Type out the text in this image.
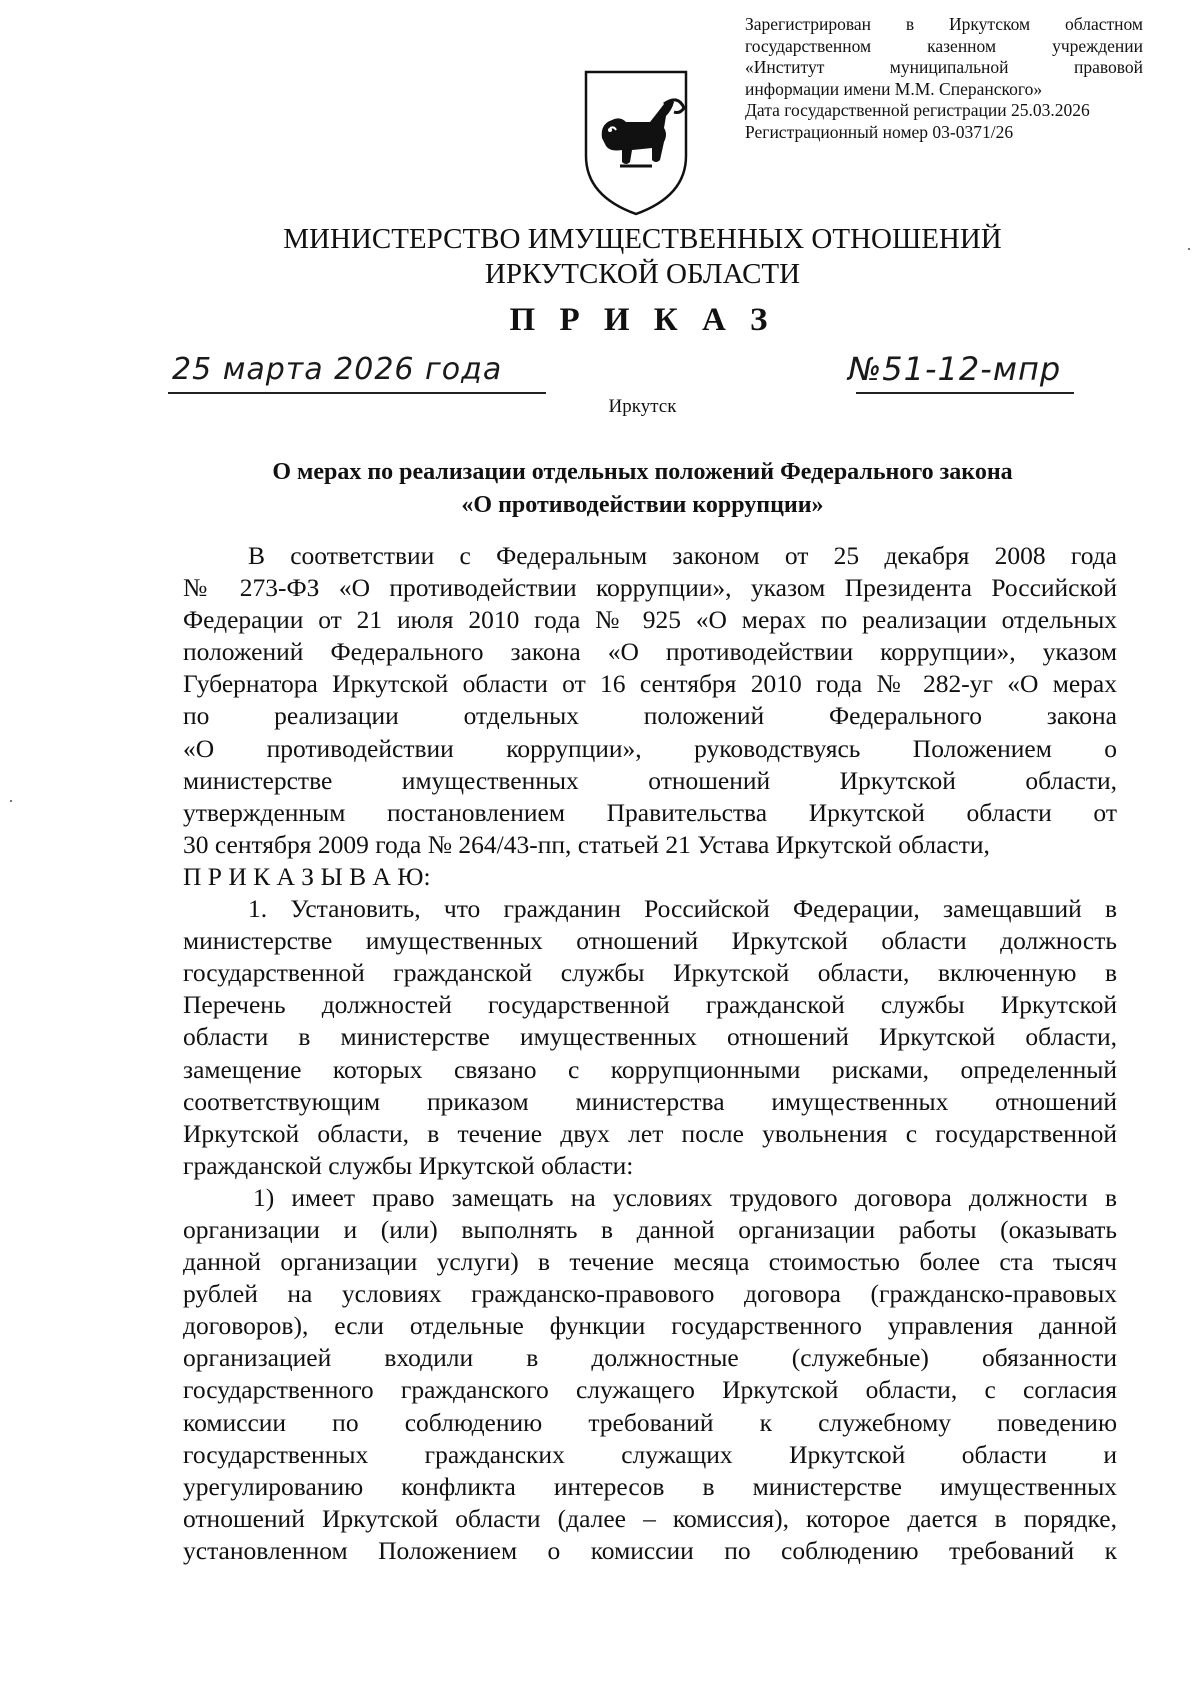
Зарегистрирован в Иркутском областном
государственном казенном учреждении
«Институт муниципальной правовой
информации имени М.М. Сперанского»
Дата государственной регистрации 25.03.2026
Регистрационный номер 03-0371/26
МИНИСТЕРСТВО ИМУЩЕСТВЕННЫХ ОТНОШЕНИЙ
ИРКУТСКОЙ ОБЛАСТИ
П Р И К А З
25 марта 2026 года	№51-12-мпр
Иркутск
О мерах по реализации отдельных положений Федерального закона
«О противодействии коррупции»
В соответствии с Федеральным законом от 25 декабря 2008 года
№ 273-ФЗ «О противодействии коррупции», указом Президента Российской
Федерации от 21 июля 2010 года № 925 «О мерах по реализации отдельных
положений Федерального закона «О противодействии коррупции», указом
Губернатора Иркутской области от 16 сентября 2010 года № 282-уг «О мерах
по реализации отдельных положений Федерального закона
«О противодействии коррупции», руководствуясь Положением о
министерстве имущественных отношений Иркутской области,
утвержденным постановлением Правительства Иркутской области от
30 сентября 2009 года № 264/43-пп, статьей 21 Устава Иркутской области,
П Р И К А З Ы В А Ю:
1. Установить, что гражданин Российской Федерации, замещавший в
министерстве имущественных отношений Иркутской области должность
государственной гражданской службы Иркутской области, включенную в
Перечень должностей государственной гражданской службы Иркутской
области в министерстве имущественных отношений Иркутской области,
замещение которых связано с коррупционными рисками, определенный
соответствующим приказом министерства имущественных отношений
Иркутской области, в течение двух лет после увольнения с государственной
гражданской службы Иркутской области:
1) имеет право замещать на условиях трудового договора должности в
организации и (или) выполнять в данной организации работы (оказывать
данной организации услуги) в течение месяца стоимостью более ста тысяч
рублей на условиях гражданско-правового договора (гражданско-правовых
договоров), если отдельные функции государственного управления данной
организацией входили в должностные (служебные) обязанности
государственного гражданского служащего Иркутской области, с согласия
комиссии по соблюдению требований к служебному поведению
государственных гражданских служащих Иркутской области и
урегулированию конфликта интересов в министерстве имущественных
отношений Иркутской области (далее – комиссия), которое дается в порядке,
установленном Положением о комиссии по соблюдению требований к
